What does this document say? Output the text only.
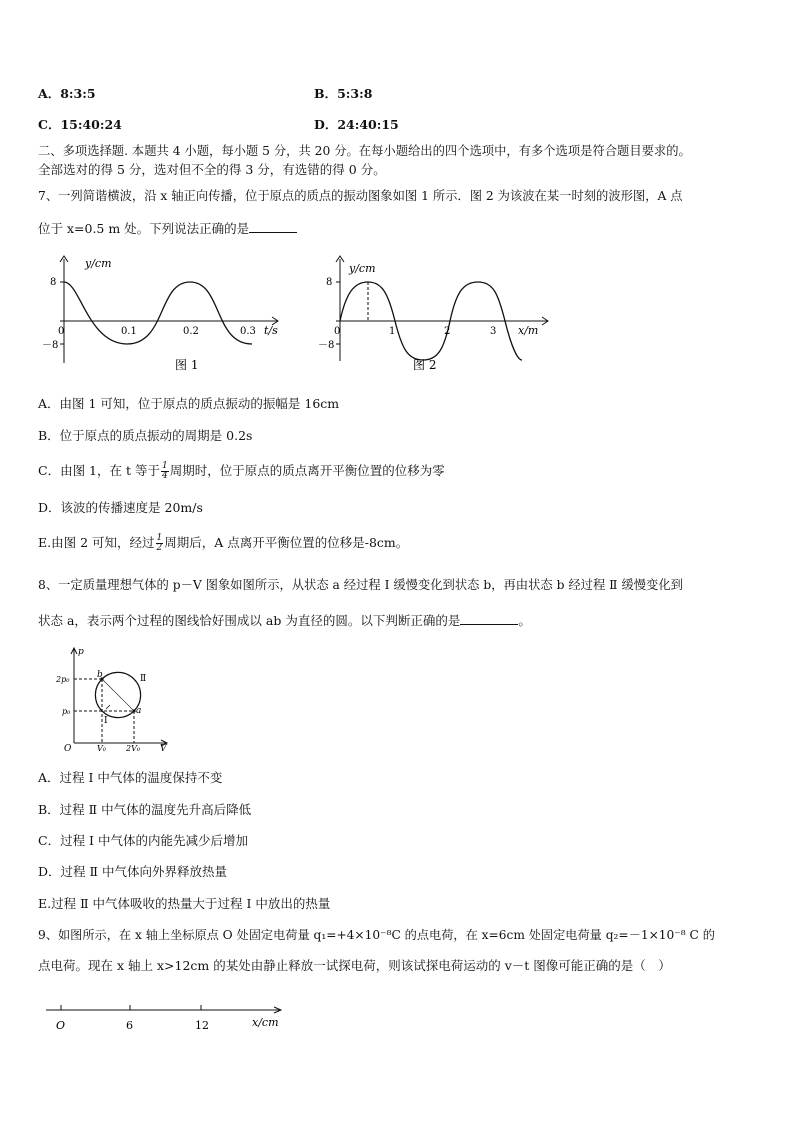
A．8:3:5	B．5:3:8
C．15:40:24	D．24:40:15
二、多项选择题. 本题共 4 小题，每小题 5 分，共 20 分。在每小题给出的四个选项中，有多个选项是符合题目要求的。
全部选对的得 5 分，选对但不全的得 3 分，有选错的得 0 分。
7、一列简谐横波，沿 x 轴正向传播，位于原点的质点的振动图象如图 1 所示．图 2 为该波在某一时刻的波形图，A 点
位于 x=0.5 m 处。下列说法正确的是
y/cm
8
－8
0	0.1	0.2	0.3 t/s
图 1
y/cm
8
－8
0	1	2	3 x/m
图 2
A．由图 1 可知，位于原点的质点振动的振幅是 16cm
B．位于原点的质点振动的周期是 0.2s
C．由图 1，在 t 等于 $\frac{1}{4}$ 周期时，位于原点的质点离开平衡位置的位移为零
D．该波的传播速度是 20m/s
E.由图 2 可知，经过 $\frac{1}{2}$ 周期后，A 点离开平衡位置的位移是-8cm。
8、一定质量理想气体的 p－V 图象如图所示，从状态 a 经过程 Ⅰ 缓慢变化到状态 b，再由状态 b 经过程 Ⅱ 缓慢变化到
状态 a，表示两个过程的图线恰好围成以 ab 为直径的圆。以下判断正确的是	。
p
V
O
2p₀
p₀
V₀	2V₀
b
a
Ⅱ
Ⅰ
A．过程 Ⅰ 中气体的温度保持不变
B．过程 Ⅱ 中气体的温度先升高后降低
C．过程 Ⅰ 中气体的内能先减少后增加
D．过程 Ⅱ 中气体向外界释放热量
E.过程 Ⅱ 中气体吸收的热量大于过程 Ⅰ 中放出的热量
9、如图所示，在 x 轴上坐标原点 O 处固定电荷量 q₁=+4×10⁻⁸C 的点电荷，在 x=6cm 处固定电荷量 q₂=－1×10⁻⁸ C 的
点电荷。现在 x 轴上 x>12cm 的某处由静止释放一试探电荷，则该试探电荷运动的 v－t 图像可能正确的是（　）
O	6	12	x/cm
